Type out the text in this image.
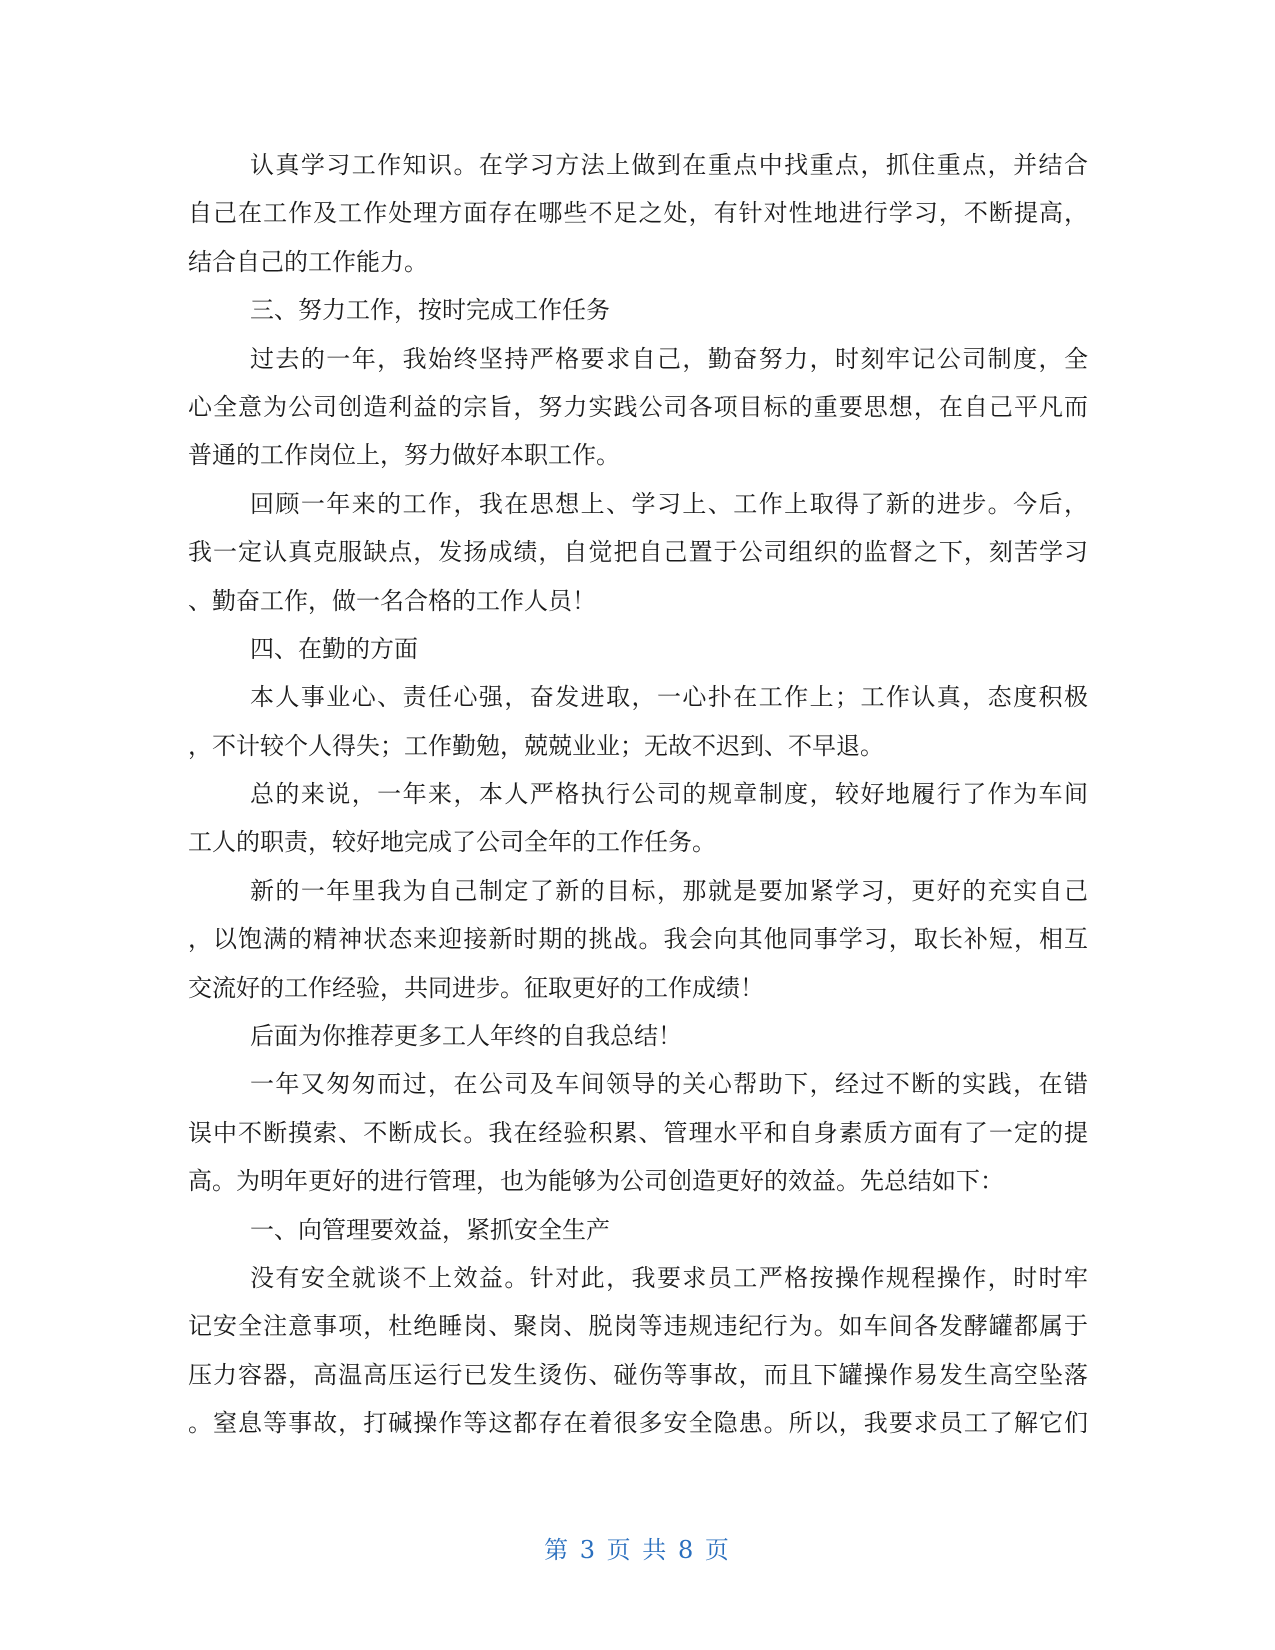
认真学习工作知识。在学习方法上做到在重点中找重点，抓住重点，并结合
自己在工作及工作处理方面存在哪些不足之处，有针对性地进行学习，不断提高，
结合自己的工作能力。
三、努力工作，按时完成工作任务
过去的一年，我始终坚持严格要求自己，勤奋努力，时刻牢记公司制度，全
心全意为公司创造利益的宗旨，努力实践公司各项目标的重要思想，在自己平凡而
普通的工作岗位上，努力做好本职工作。
回顾一年来的工作，我在思想上、学习上、工作上取得了新的进步。今后，
我一定认真克服缺点，发扬成绩，自觉把自己置于公司组织的监督之下，刻苦学习
、勤奋工作，做一名合格的工作人员！
四、在勤的方面
本人事业心、责任心强，奋发进取，一心扑在工作上；工作认真，态度积极
，不计较个人得失；工作勤勉，兢兢业业；无故不迟到、不早退。
总的来说，一年来，本人严格执行公司的规章制度，较好地履行了作为车间
工人的职责，较好地完成了公司全年的工作任务。
新的一年里我为自己制定了新的目标，那就是要加紧学习，更好的充实自己
，以饱满的精神状态来迎接新时期的挑战。我会向其他同事学习，取长补短，相互
交流好的工作经验，共同进步。征取更好的工作成绩！
后面为你推荐更多工人年终的自我总结！
一年又匆匆而过，在公司及车间领导的关心帮助下，经过不断的实践，在错
误中不断摸索、不断成长。我在经验积累、管理水平和自身素质方面有了一定的提
高。为明年更好的进行管理，也为能够为公司创造更好的效益。先总结如下：
一、向管理要效益，紧抓安全生产
没有安全就谈不上效益。针对此，我要求员工严格按操作规程操作，时时牢
记安全注意事项，杜绝睡岗、聚岗、脱岗等违规违纪行为。如车间各发酵罐都属于
压力容器，高温高压运行已发生烫伤、碰伤等事故，而且下罐操作易发生高空坠落
。窒息等事故，打碱操作等这都存在着很多安全隐患。所以，我要求员工了解它们
第 3 页 共 8 页
